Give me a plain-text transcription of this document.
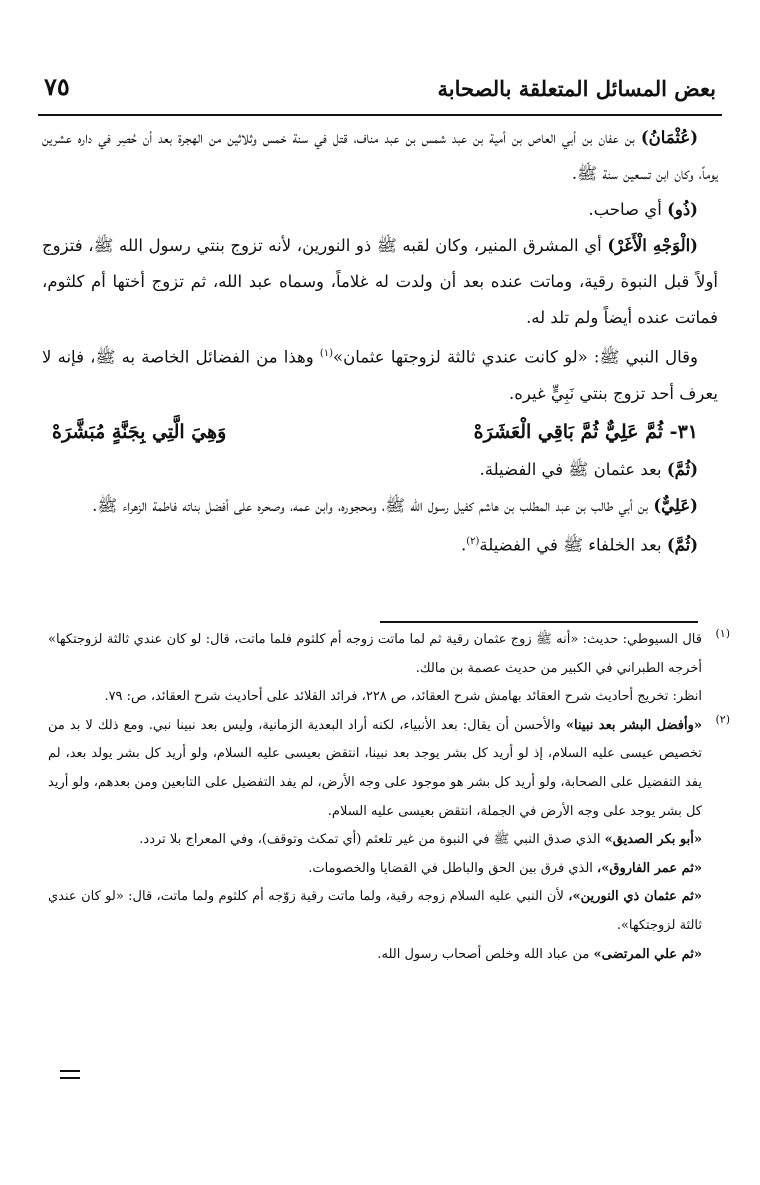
بعض المسائل المتعلقة بالصحابة
٧٥

(عُثْمَانُ) بن عفان بن أبي العاص بن أمية بن عبد شمس بن عبد مناف، قتل في سنة خمس وثلاثين من الهجرة بعد أن حُصِر في داره عشرين يوماً، وكان ابن تسعين سنة ﷺ.

(ذُو) أي صاحب.

(الْوَجْهِ الْأَغَرْ) أي المشرق المنير، وكان لقبه ﷺ ذو النورين، لأنه تزوج بنتي رسول الله ﷺ، فتزوج أولاً قبل النبوة رقية، وماتت عنده بعد أن ولدت له غلاماً، وسماه عبد الله، ثم تزوج أختها أم كلثوم، فماتت عنده أيضاً ولم تلد له.

وقال النبي ﷺ: «لو كانت عندي ثالثة لزوجتها عثمان»$^{(١)}$ وهذا من الفضائل الخاصة به ﷺ، فإنه لا يعرف أحد تزوج بنتي نَبِيٍّ غيره.

٣١- ثُمَّ عَلِيٌّ ثُمَّ بَاقِي الْعَشَرَهْ
وَهِيَ الَّتِي بِجَنَّةٍ مُبَشَّرَهْ

(ثُمَّ) بعد عثمان ﷺ في الفضيلة.

(عَلِيٌّ) بن أبي طالب بن عبد المطلب بن هاشم كفيل رسول الله ﷺ، ومحجوره، وابن عمه، وصحره على أفضل بناته فاطمة الزهراء ﷺ.

(ثُمَّ) بعد الخلفاء ﷺ في الفضيلة$^{(٢)}$.

(١)
قال السيوطي: حديث: «أنه ﷺ زوج عثمان رقية ثم لما ماتت زوجه أم كلثوم فلما ماتت، قال: لو كان عندي ثالثة لزوجتكها» أخرجه الطبراني في الكبير من حديث عصمة بن مالك.

انظر: تخريج أحاديث شرح العقائد بهامش شرح العقائد، ص ٢٢٨، فرائد القلائد على أحاديث شرح العقائد، ص: ٧٩.

(٢)
«وأفضل البشر بعد نبينا» والأحسن أن يقال: بعد الأنبياء، لكنه أراد البعدية الزمانية، وليس بعد نبينا نبي. ومع ذلك لا بد من تخصيص عيسى عليه السلام، إذ لو أريد كل بشر يوجد بعد نبينا، انتقض بعيسى عليه السلام، ولو أريد كل بشر يولد بعد، لم يفد التفضيل على الصحابة، ولو أريد كل بشر هو موجود على وجه الأرض، لم يفد التفضيل على التابعين ومن بعدهم، ولو أريد كل بشر يوجد على وجه الأرض في الجملة، انتقض بعيسى عليه السلام.

«أبو بكر الصديق» الذي صدق النبي ﷺ في النبوة من غير تلعثم (أي تمكث وتوقف)، وفي المعراج بلا تردد.

«ثم عمر الفاروق»، الذي فرق بين الحق والباطل في القضايا والخصومات.

«ثم عثمان ذي النورين»، لأن النبي عليه السلام زوجه رقية، ولما ماتت رقية زوّجه أم كلثوم ولما ماتت، قال: «لو كان عندي ثالثة لزوجتكها».

«ثم علي المرتضى» من عباد الله وخلص أصحاب رسول الله.
